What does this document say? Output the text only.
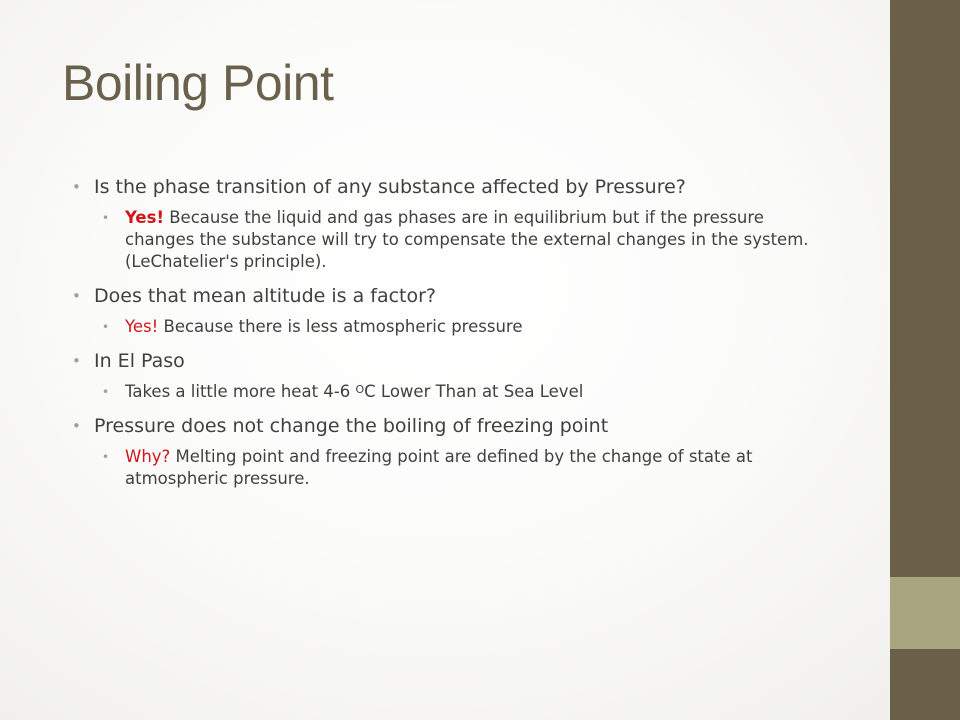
Boiling Point
• Is the phase transition of any substance affected by Pressure?
• Yes! Because the liquid and gas phases are in equilibrium but if the pressure changes the substance will try to compensate the external changes in the system. (LeChatelier's principle).
• Does that mean altitude is a factor?
• Yes! Because there is less atmospheric pressure
• In El Paso
• Takes a little more heat 4-6 $^O$C Lower Than at Sea Level
• Pressure does not change the boiling of freezing point
• Why? Melting point and freezing point are defined by the change of state at atmospheric pressure.
